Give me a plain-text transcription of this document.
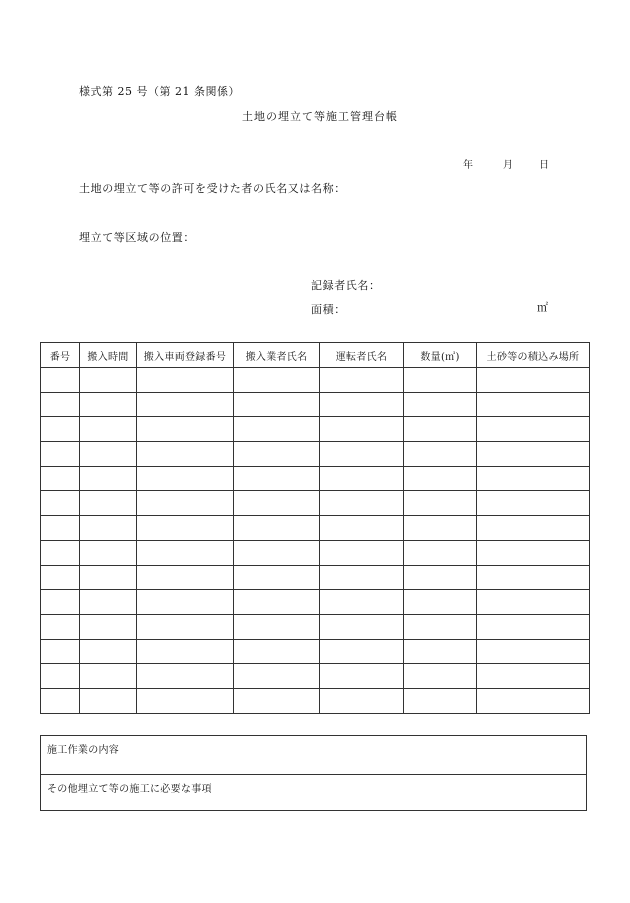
様式第 25 号（第 21 条関係）
土地の埋立て等施工管理台帳
年	月	日
土地の埋立て等の許可を受けた者の氏名又は名称：
埋立て等区域の位置：
記録者氏名：
面積：	㎡
番号	搬入時間	搬入車両登録番号	搬入業者氏名	運転者氏名	数量(㎥)	土砂等の積込み場所

施工作業の内容
その他埋立て等の施工に必要な事項
